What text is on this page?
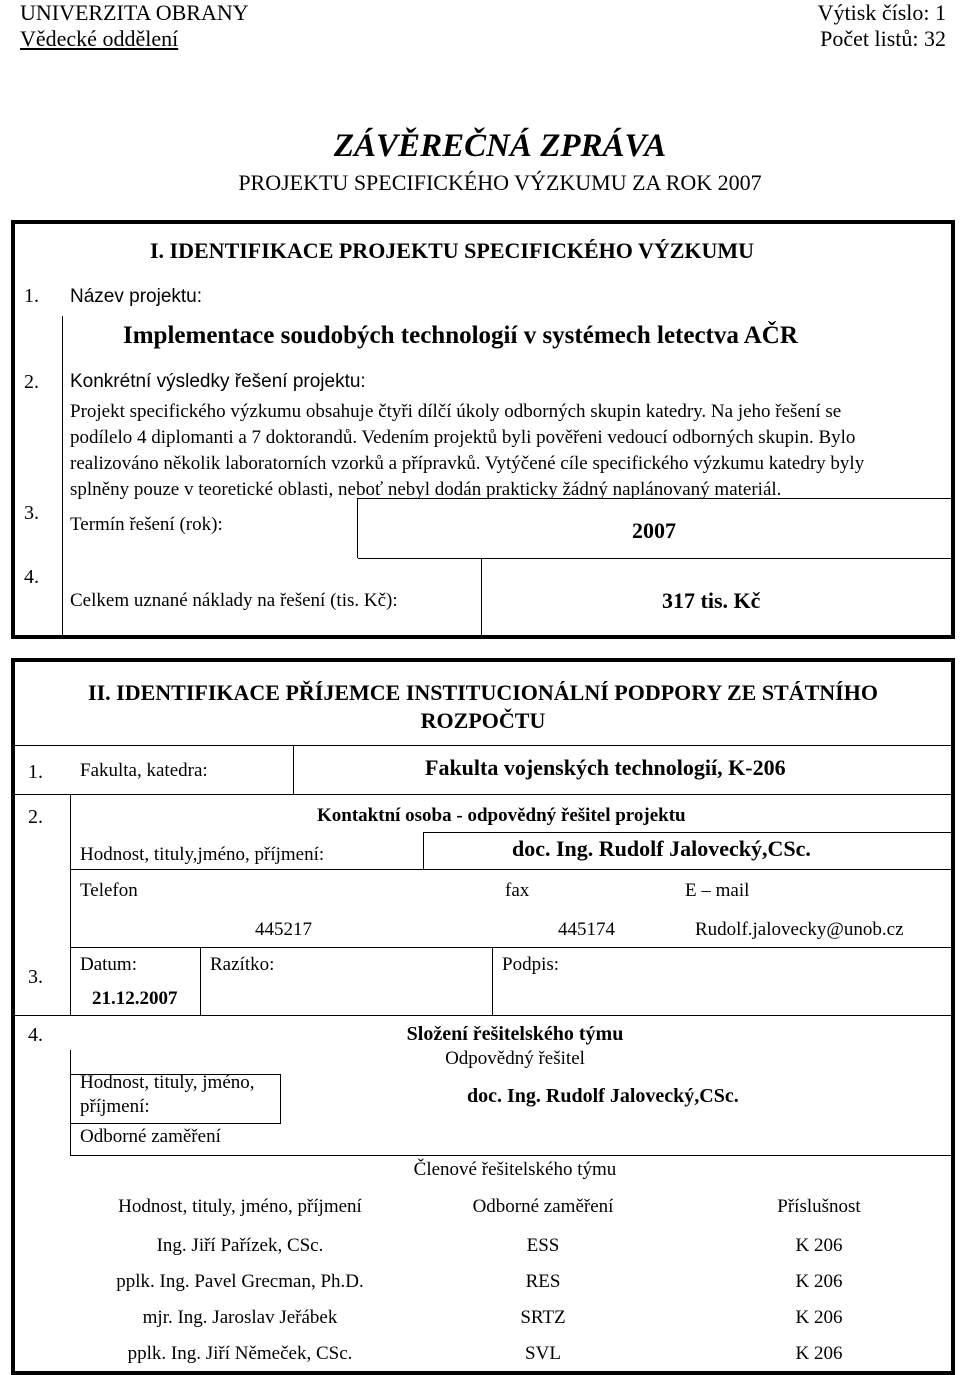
UNIVERZITA OBRANY
Vědecké oddělení
Výtisk číslo: 1
Počet listů: 32
ZÁVĚREČNÁ ZPRÁVA
PROJEKTU SPECIFICKÉHO VÝZKUMU ZA ROK 2007
I. IDENTIFIKACE PROJEKTU SPECIFICKÉHO VÝZKUMU
1. Název projektu:
Implementace soudobých technologií v systémech letectva AČR
2. Konkrétní výsledky řešení projektu:
Projekt specifického výzkumu obsahuje čtyři dílčí úkoly odborných skupin katedry. Na jeho řešení se
podílelo 4 diplomanti a 7 doktorandů. Vedením projektů byli pověřeni vedoucí odborných skupin. Bylo
realizováno několik laboratorních vzorků a přípravků. Vytýčené cíle specifického výzkumu katedry byly
splněny pouze v teoretické oblasti, neboť nebyl dodán prakticky žádný naplánovaný materiál.
3.
Termín řešení (rok):	2007
4.
Celkem uznané náklady na řešení (tis. Kč):	317 tis. Kč
II. IDENTIFIKACE PŘÍJEMCE INSTITUCIONÁLNÍ PODPORY ZE STÁTNÍHO
ROZPOČTU
1. Fakulta, katedra:	Fakulta vojenských technologií, K-206
2.	Kontaktní osoba - odpovědný řešitel projektu
Hodnost, tituly,jméno, příjmení:	doc. Ing. Rudolf Jalovecký,CSc.
Telefon	fax	E – mail
445217	445174	Rudolf.jalovecky@unob.cz
3.
Datum:
21.12.2007
Razítko:	Podpis:
4.	Složení řešitelského týmu
Odpovědný řešitel
Hodnost, tituly, jméno,
příjmení:	doc. Ing. Rudolf Jalovecký,CSc.
Odborné zaměření
Členové řešitelského týmu
Hodnost, tituly, jméno, příjmení	Odborné zaměření	Příslušnost
Ing. Jiří Pařízek, CSc.	ESS	K 206
pplk. Ing. Pavel Grecman, Ph.D.	RES	K 206
mjr. Ing. Jaroslav Jeřábek	SRTZ	K 206
pplk. Ing. Jiří Němeček, CSc.	SVL	K 206
